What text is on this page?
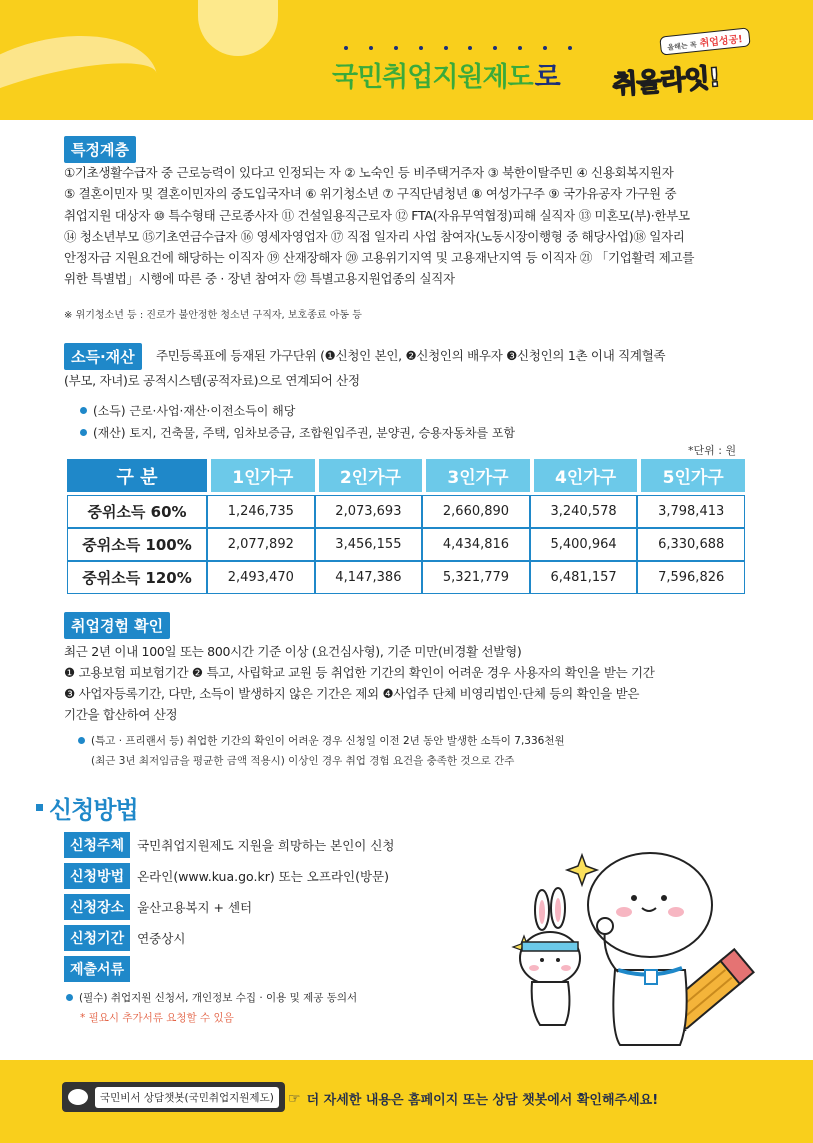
국민취업지원제도 로
올해는 꼭 취업성공!
취올라잇!
특정계층
①기초생활수급자 중 근로능력이 있다고 인정되는 자 ② 노숙인 등 비주택거주자 ③ 북한이탈주민 ④ 신용회복지원자
⑤ 결혼이민자 및 결혼이민자의 중도입국자녀 ⑥ 위기청소년 ⑦ 구직단념청년 ⑧ 여성가구주 ⑨ 국가유공자 가구원 중
취업지원 대상자 ⑩ 특수형태 근로종사자 ⑪ 건설일용직근로자 ⑫ FTA(자유무역협정)피해 실직자 ⑬ 미혼모(부)·한부모
⑭ 청소년부모 ⑮기초연금수급자 ⑯ 영세자영업자 ⑰ 직접 일자리 사업 참여자(노동시장이행형 중 해당사업)⑱ 일자리
안정자금 지원요건에 해당하는 이직자 ⑲ 산재장해자 ⑳ 고용위기지역 및 고용재난지역 등 이직자 ㉑ 「기업활력 제고를
위한 특별법」시행에 따른 중 · 장년 참여자 ㉒ 특별고용지원업종의 실직자
※ 위기청소년 등 : 진로가 불안정한 청소년 구직자, 보호종료 아동 등
소득·재산	주민등록표에 등재된 가구단위 (❶신청인 본인, ❷신청인의 배우자 ❸신청인의 1촌 이내 직계혈족
(부모, 자녀)로 공적시스템(공적자료)으로 연계되어 산정
(소득) 근로·사업·재산·이전소득이 해당
(재산) 토지, 건축물, 주택, 임차보증금, 조합원입주권, 분양권, 승용자동차를 포함
*단위 : 원
구 분	1인가구	2인가구	3인가구	4인가구	5인가구

중위소득 60%	1,246,735	2,073,693	2,660,890	3,240,578	3,798,413
중위소득 100%	2,077,892	3,456,155	4,434,816	5,400,964	6,330,688
중위소득 120%	2,493,470	4,147,386	5,321,779	6,481,157	7,596,826
취업경험 확인
최근 2년 이내 100일 또는 800시간 기준 이상 (요건심사형), 기준 미만(비경활 선발형)
❶ 고용보험 피보험기간 ❷ 특고, 사립학교 교원 등 취업한 기간의 확인이 어려운 경우 사용자의 확인을 받는 기간
❸ 사업자등록기간, 다만, 소득이 발생하지 않은 기간은 제외 ❹사업주 단체 비영리법인·단체 등의 확인을 받은
기간을 합산하여 산정
(특고 · 프리랜서 등) 취업한 기간의 확인이 어려운 경우 신청일 이전 2년 동안 발생한 소득이 7,336천원
(최근 3년 최저임금을 평균한 금액 적용시) 이상인 경우 취업 경험 요건을 충족한 것으로 간주
신청방법
신청주체	국민취업지원제도 지원을 희망하는 본인이 신청
신청방법	온라인(www.kua.go.kr) 또는 오프라인(방문)
신청장소	울산고용복지 + 센터
신청기간	연중상시
제출서류
(필수) 취업지원 신청서, 개인정보 수집 · 이용 및 제공 동의서
* 필요시 추가서류 요청할 수 있음
국민비서 상담챗봇(국민취업지원제도)	☞ 더 자세한 내용은 홈페이지 또는 상담 챗봇에서 확인해주세요!
